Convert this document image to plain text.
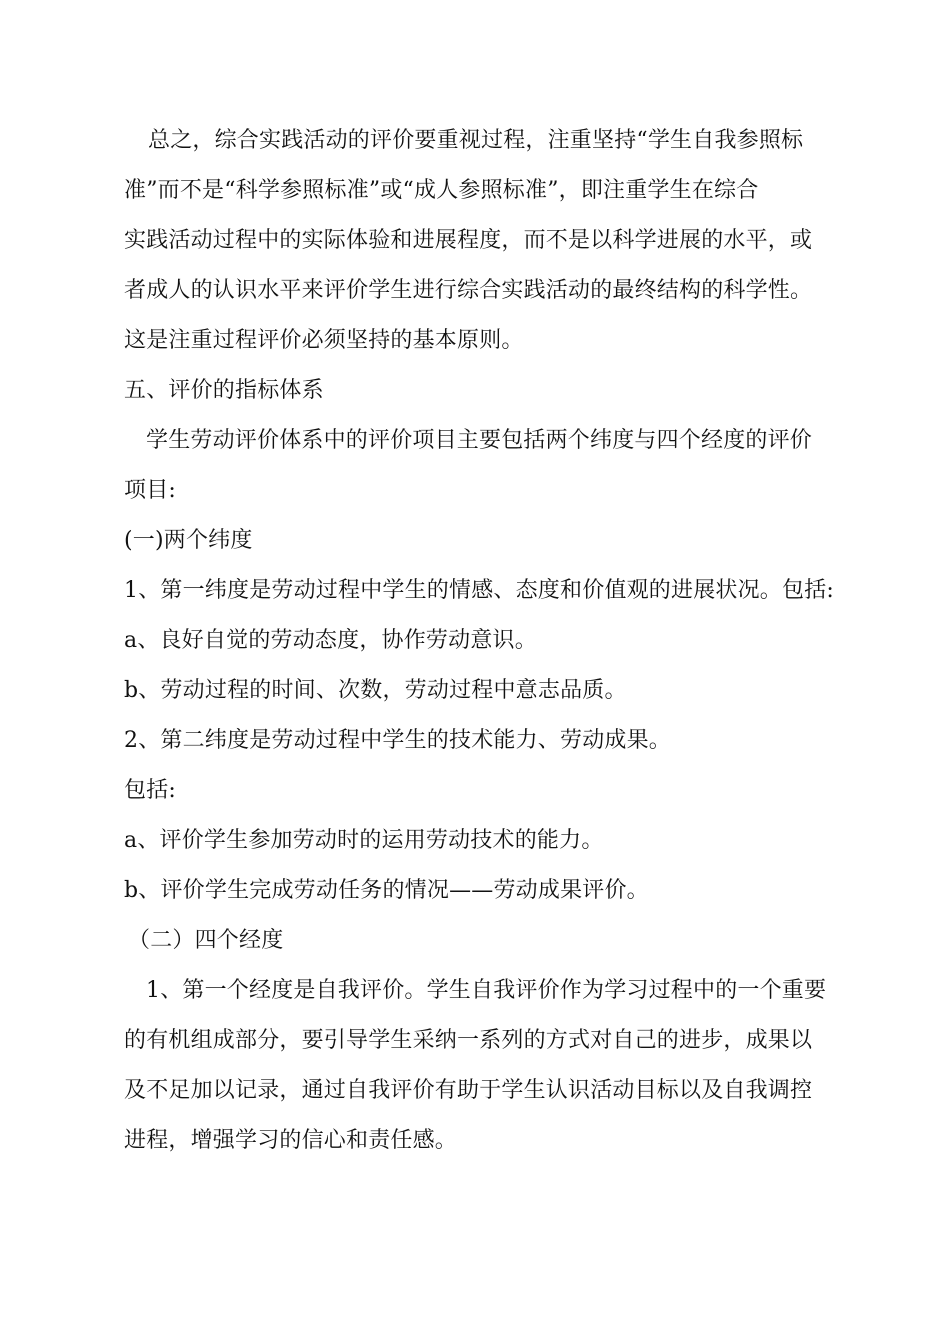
总之，综合实践活动的评价要重视过程，注重坚持“学生自我参照标
准”而不是“科学参照标准”或“成人参照标准”，即注重学生在综合
实践活动过程中的实际体验和进展程度，而不是以科学进展的水平，或
者成人的认识水平来评价学生进行综合实践活动的最终结构的科学性。
这是注重过程评价必须坚持的基本原则。
五、评价的指标体系
学生劳动评价体系中的评价项目主要包括两个纬度与四个经度的评价
项目:
(一)两个纬度
1、第一纬度是劳动过程中学生的情感、态度和价值观的进展状况。包括:
a、良好自觉的劳动态度，协作劳动意识。
b、劳动过程的时间、次数，劳动过程中意志品质。
2、第二纬度是劳动过程中学生的技术能力、劳动成果。
包括:
a、评价学生参加劳动时的运用劳动技术的能力。
b、评价学生完成劳动任务的情况——劳动成果评价。
（二）四个经度
1、第一个经度是自我评价。学生自我评价作为学习过程中的一个重要
的有机组成部分，要引导学生采纳一系列的方式对自己的进步，成果以
及不足加以记录，通过自我评价有助于学生认识活动目标以及自我调控
进程，增强学习的信心和责任感。
